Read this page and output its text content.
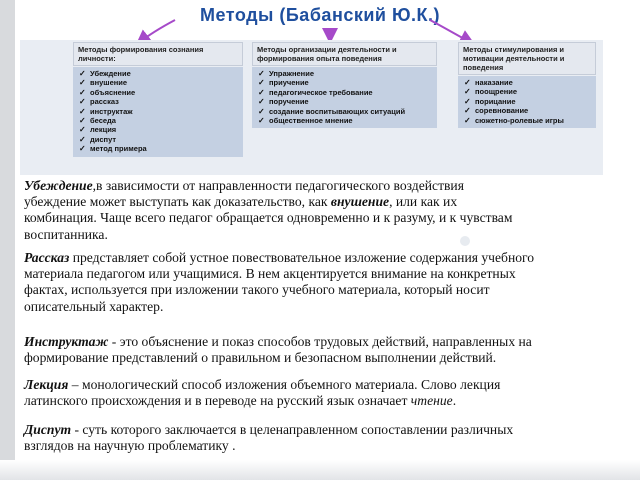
Методы (Бабанский Ю.К.)
Методы формирования сознания
личности:
✓ Убеждение
✓ внушение
✓ объяснение
✓ рассказ
✓ инструктаж
✓ беседа
✓ лекция
✓ диспут
✓ метод примера
Методы организации деятельности и
формирования опыта поведения
✓ Упражнение
✓ приучение
✓ педагогическое требование
✓ поручение
✓ создание воспитывающих ситуаций
✓ общественное мнение
Методы стимулирования и
мотивации деятельности и
поведения
✓ наказание
✓ поощрение
✓ порицание
✓ соревнование
✓ сюжетно-ролевые игры

Убеждение,в зависимости от направленности педагогического воздействия
убеждение может выступать как доказательство, как внушение, или как их
комбинация. Чаще всего педагог обращается одновременно и к разуму, и к чувствам
воспитанника.

Рассказ представляет собой устное повествовательное изложение содержания учебного
материала педагогом или учащимися. В нем акцентируется внимание на конкретных
фактах, используется при изложении такого учебного материала, который носит
описательный характер.

Инструктаж - это объяснение и показ способов трудовых действий, направленных на
формирование представлений о правильном и безопасном выполнении действий.

Лекция – монологический способ изложения объемного материала. Слово лекция
латинского происхождения и в переводе на русский язык означает чтение.

Диспут - суть которого заключается в целенаправленном сопоставлении различных
взглядов на научную проблематику .
